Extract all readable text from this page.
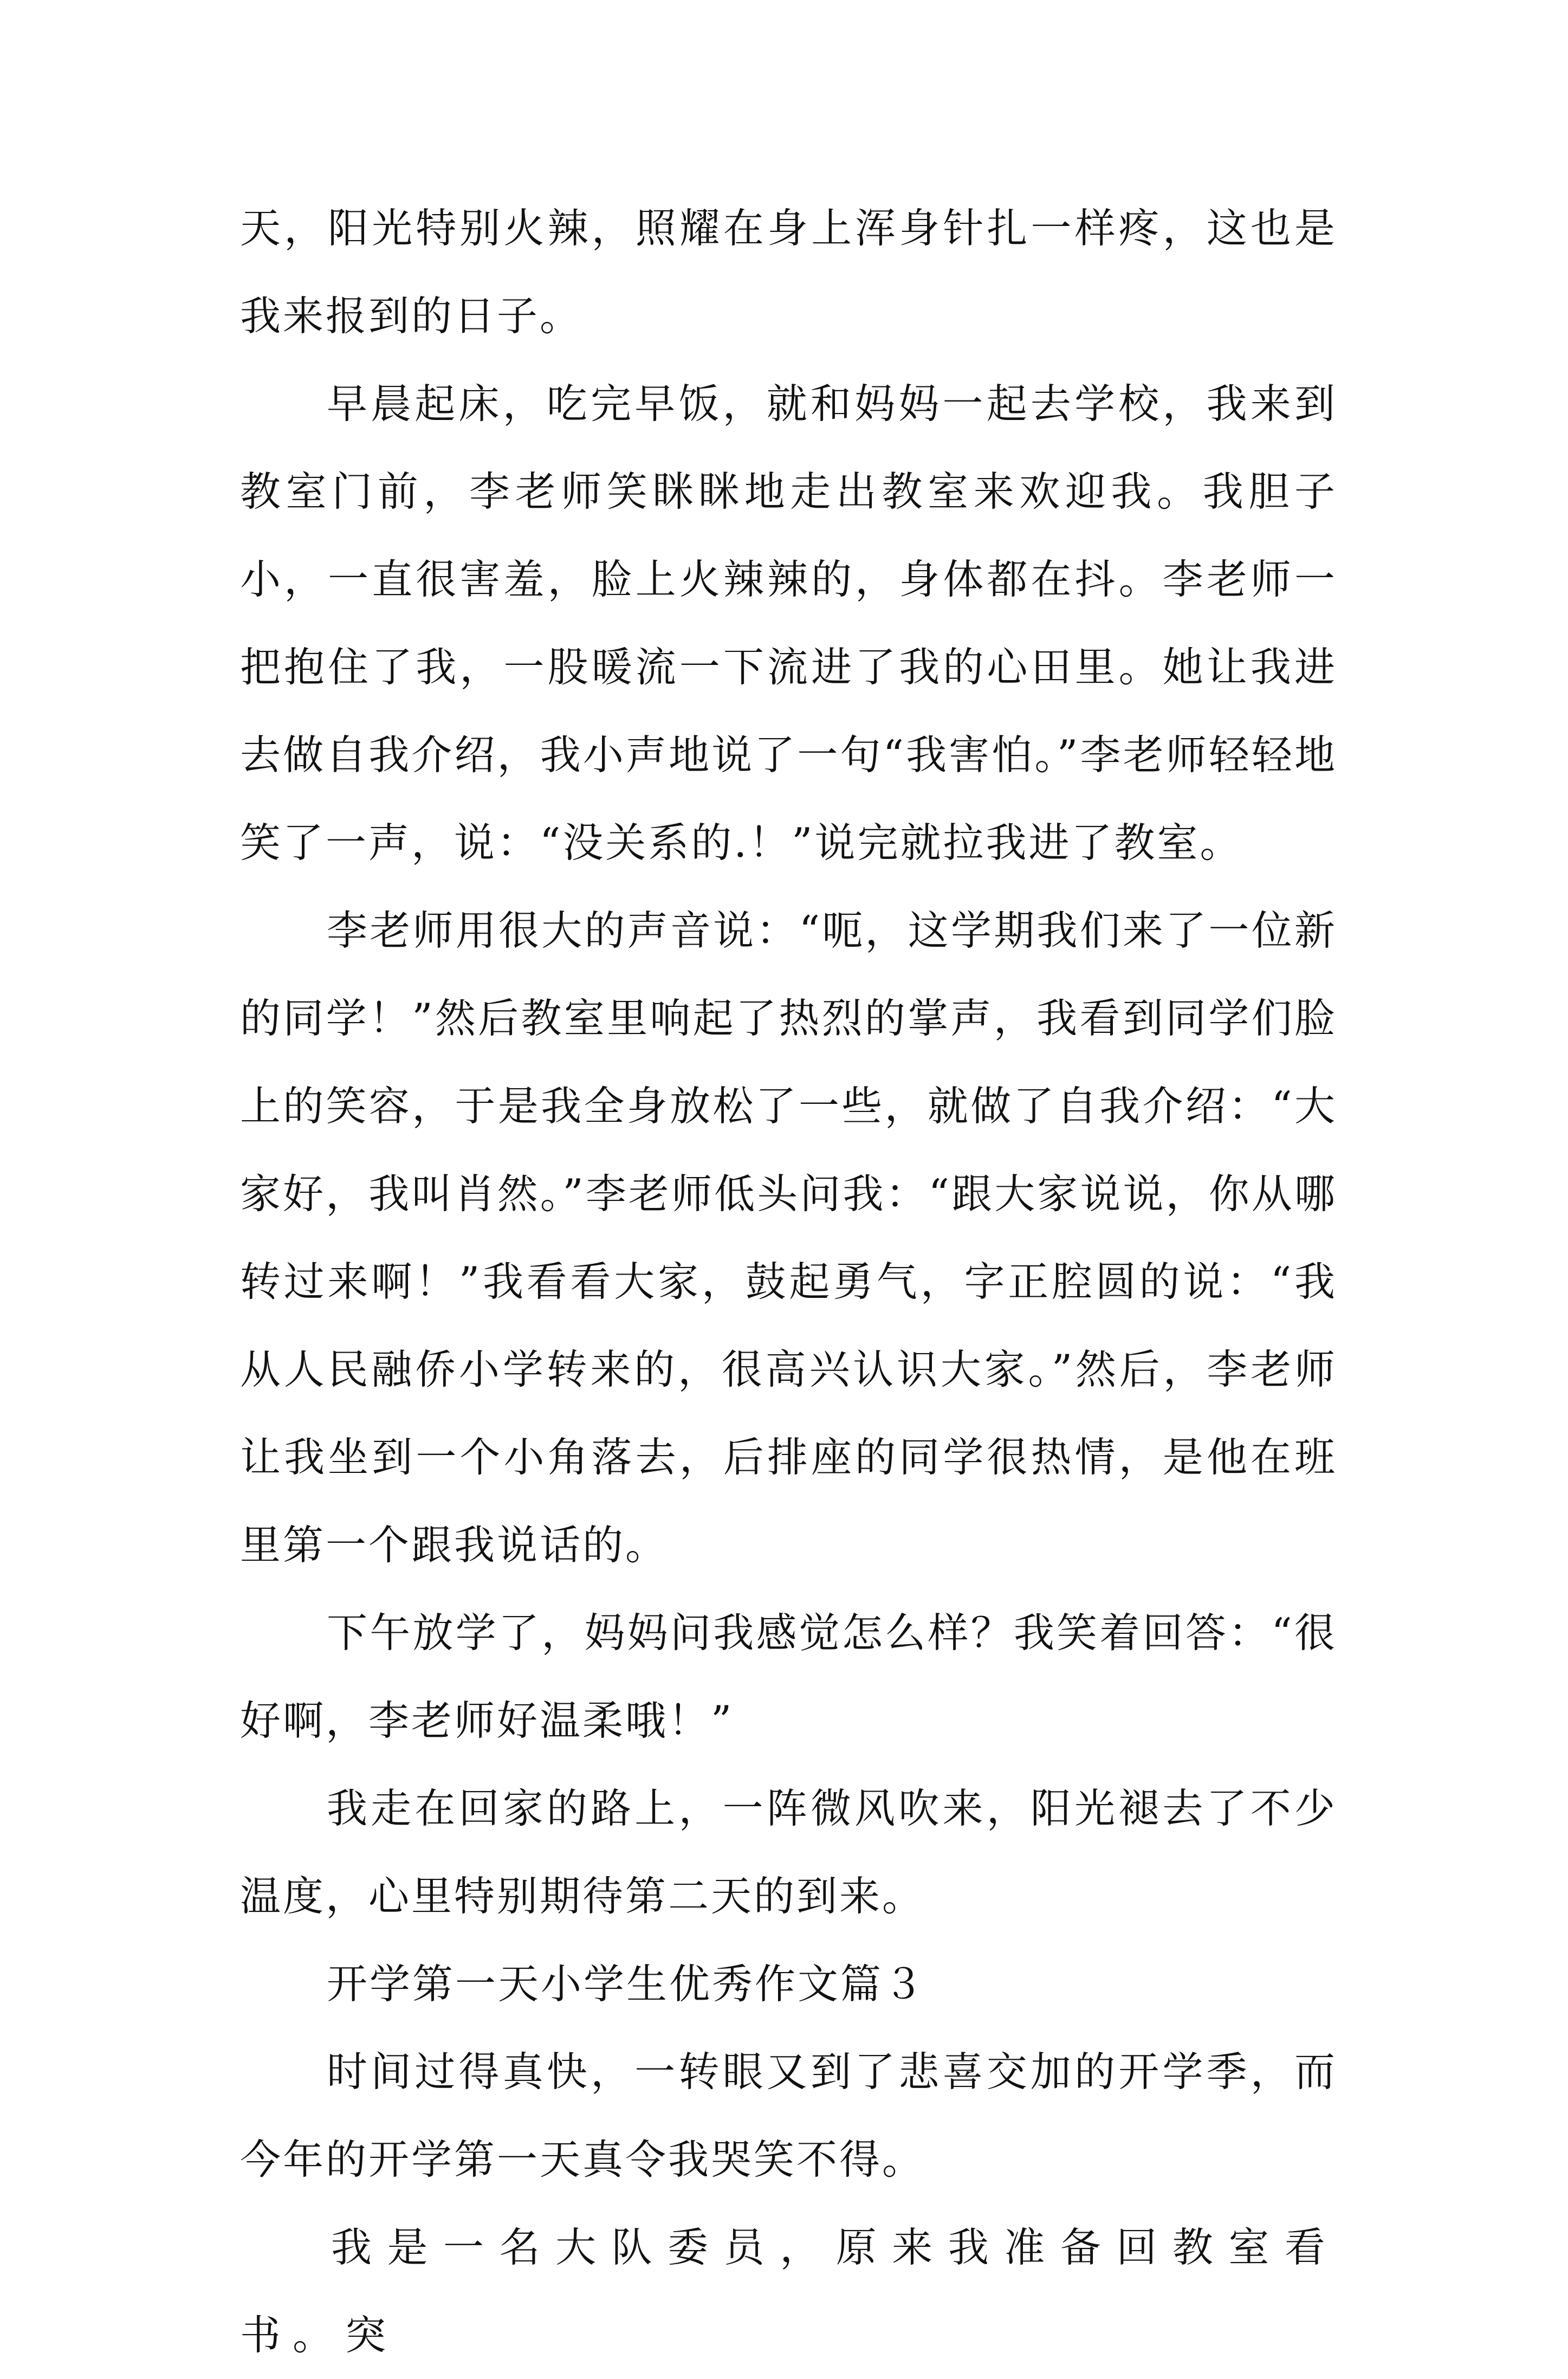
天，阳光特别火辣，照耀在身上浑身针扎一样疼，这也是我来报到的日子。

早晨起床，吃完早饭，就和妈妈一起去学校，我来到教室门前，李老师笑眯眯地走出教室来欢迎我。我胆子小，一直很害羞，脸上火辣辣的，身体都在抖。李老师一把抱住了我，一股暖流一下流进了我的心田里。她让我进去做自我介绍，我小声地说了一句“我害怕。”李老师轻轻地笑了一声，说：“没关系的.！”说完就拉我进了教室。

李老师用很大的声音说：“呃，这学期我们来了一位新的同学！”然后教室里响起了热烈的掌声，我看到同学们脸上的笑容，于是我全身放松了一些，就做了自我介绍：“大家好，我叫肖然。”李老师低头问我：“跟大家说说，你从哪转过来啊！”我看看大家，鼓起勇气，字正腔圆的说：“我从人民融侨小学转来的，很高兴认识大家。”然后，李老师让我坐到一个小角落去，后排座的同学很热情，是他在班里第一个跟我说话的。

下午放学了，妈妈问我感觉怎么样？我笑着回答：“很好啊，李老师好温柔哦！”

我走在回家的路上，一阵微风吹来，阳光褪去了不少温度，心里特别期待第二天的到来。

开学第一天小学生优秀作文篇３

时间过得真快，一转眼又到了悲喜交加的开学季，而今年的开学第一天真令我哭笑不得。

我是一名大队委员，原来我准备回教室看书。突
